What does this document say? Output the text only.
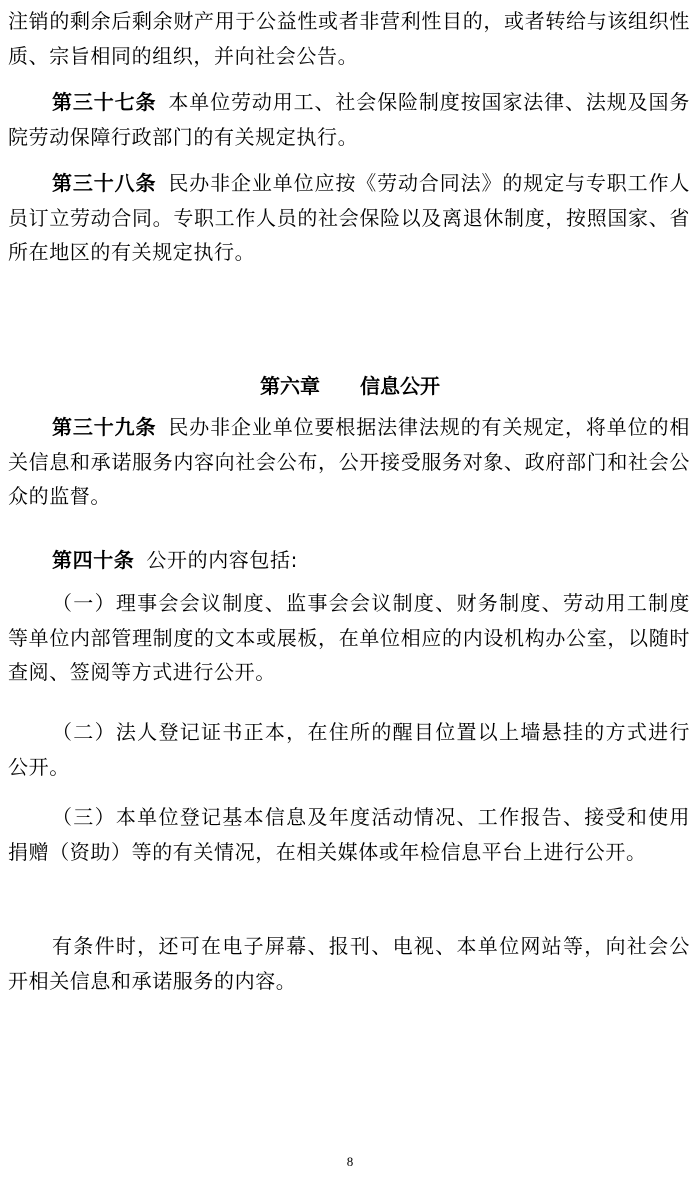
注销的剩余后剩余财产用于公益性或者非营利性目的，或者转给与该组织性质、宗旨相同的组织，并向社会公告。
第三十七条 本单位劳动用工、社会保险制度按国家法律、法规及国务院劳动保障行政部门的有关规定执行。
第三十八条 民办非企业单位应按《劳动合同法》的规定与专职工作人员订立劳动合同。专职工作人员的社会保险以及离退休制度，按照国家、省所在地区的有关规定执行。
第六章 信息公开
第三十九条 民办非企业单位要根据法律法规的有关规定，将单位的相关信息和承诺服务内容向社会公布，公开接受服务对象、政府部门和社会公众的监督。
第四十条 公开的内容包括:
（一）理事会会议制度、监事会会议制度、财务制度、劳动用工制度等单位内部管理制度的文本或展板，在单位相应的内设机构办公室，以随时查阅、签阅等方式进行公开。
（二）法人登记证书正本，在住所的醒目位置以上墙悬挂的方式进行公开。
（三）本单位登记基本信息及年度活动情况、工作报告、接受和使用捐赠（资助）等的有关情况，在相关媒体或年检信息平台上进行公开。
有条件时，还可在电子屏幕、报刊、电视、本单位网站等，向社会公开相关信息和承诺服务的内容。
8
